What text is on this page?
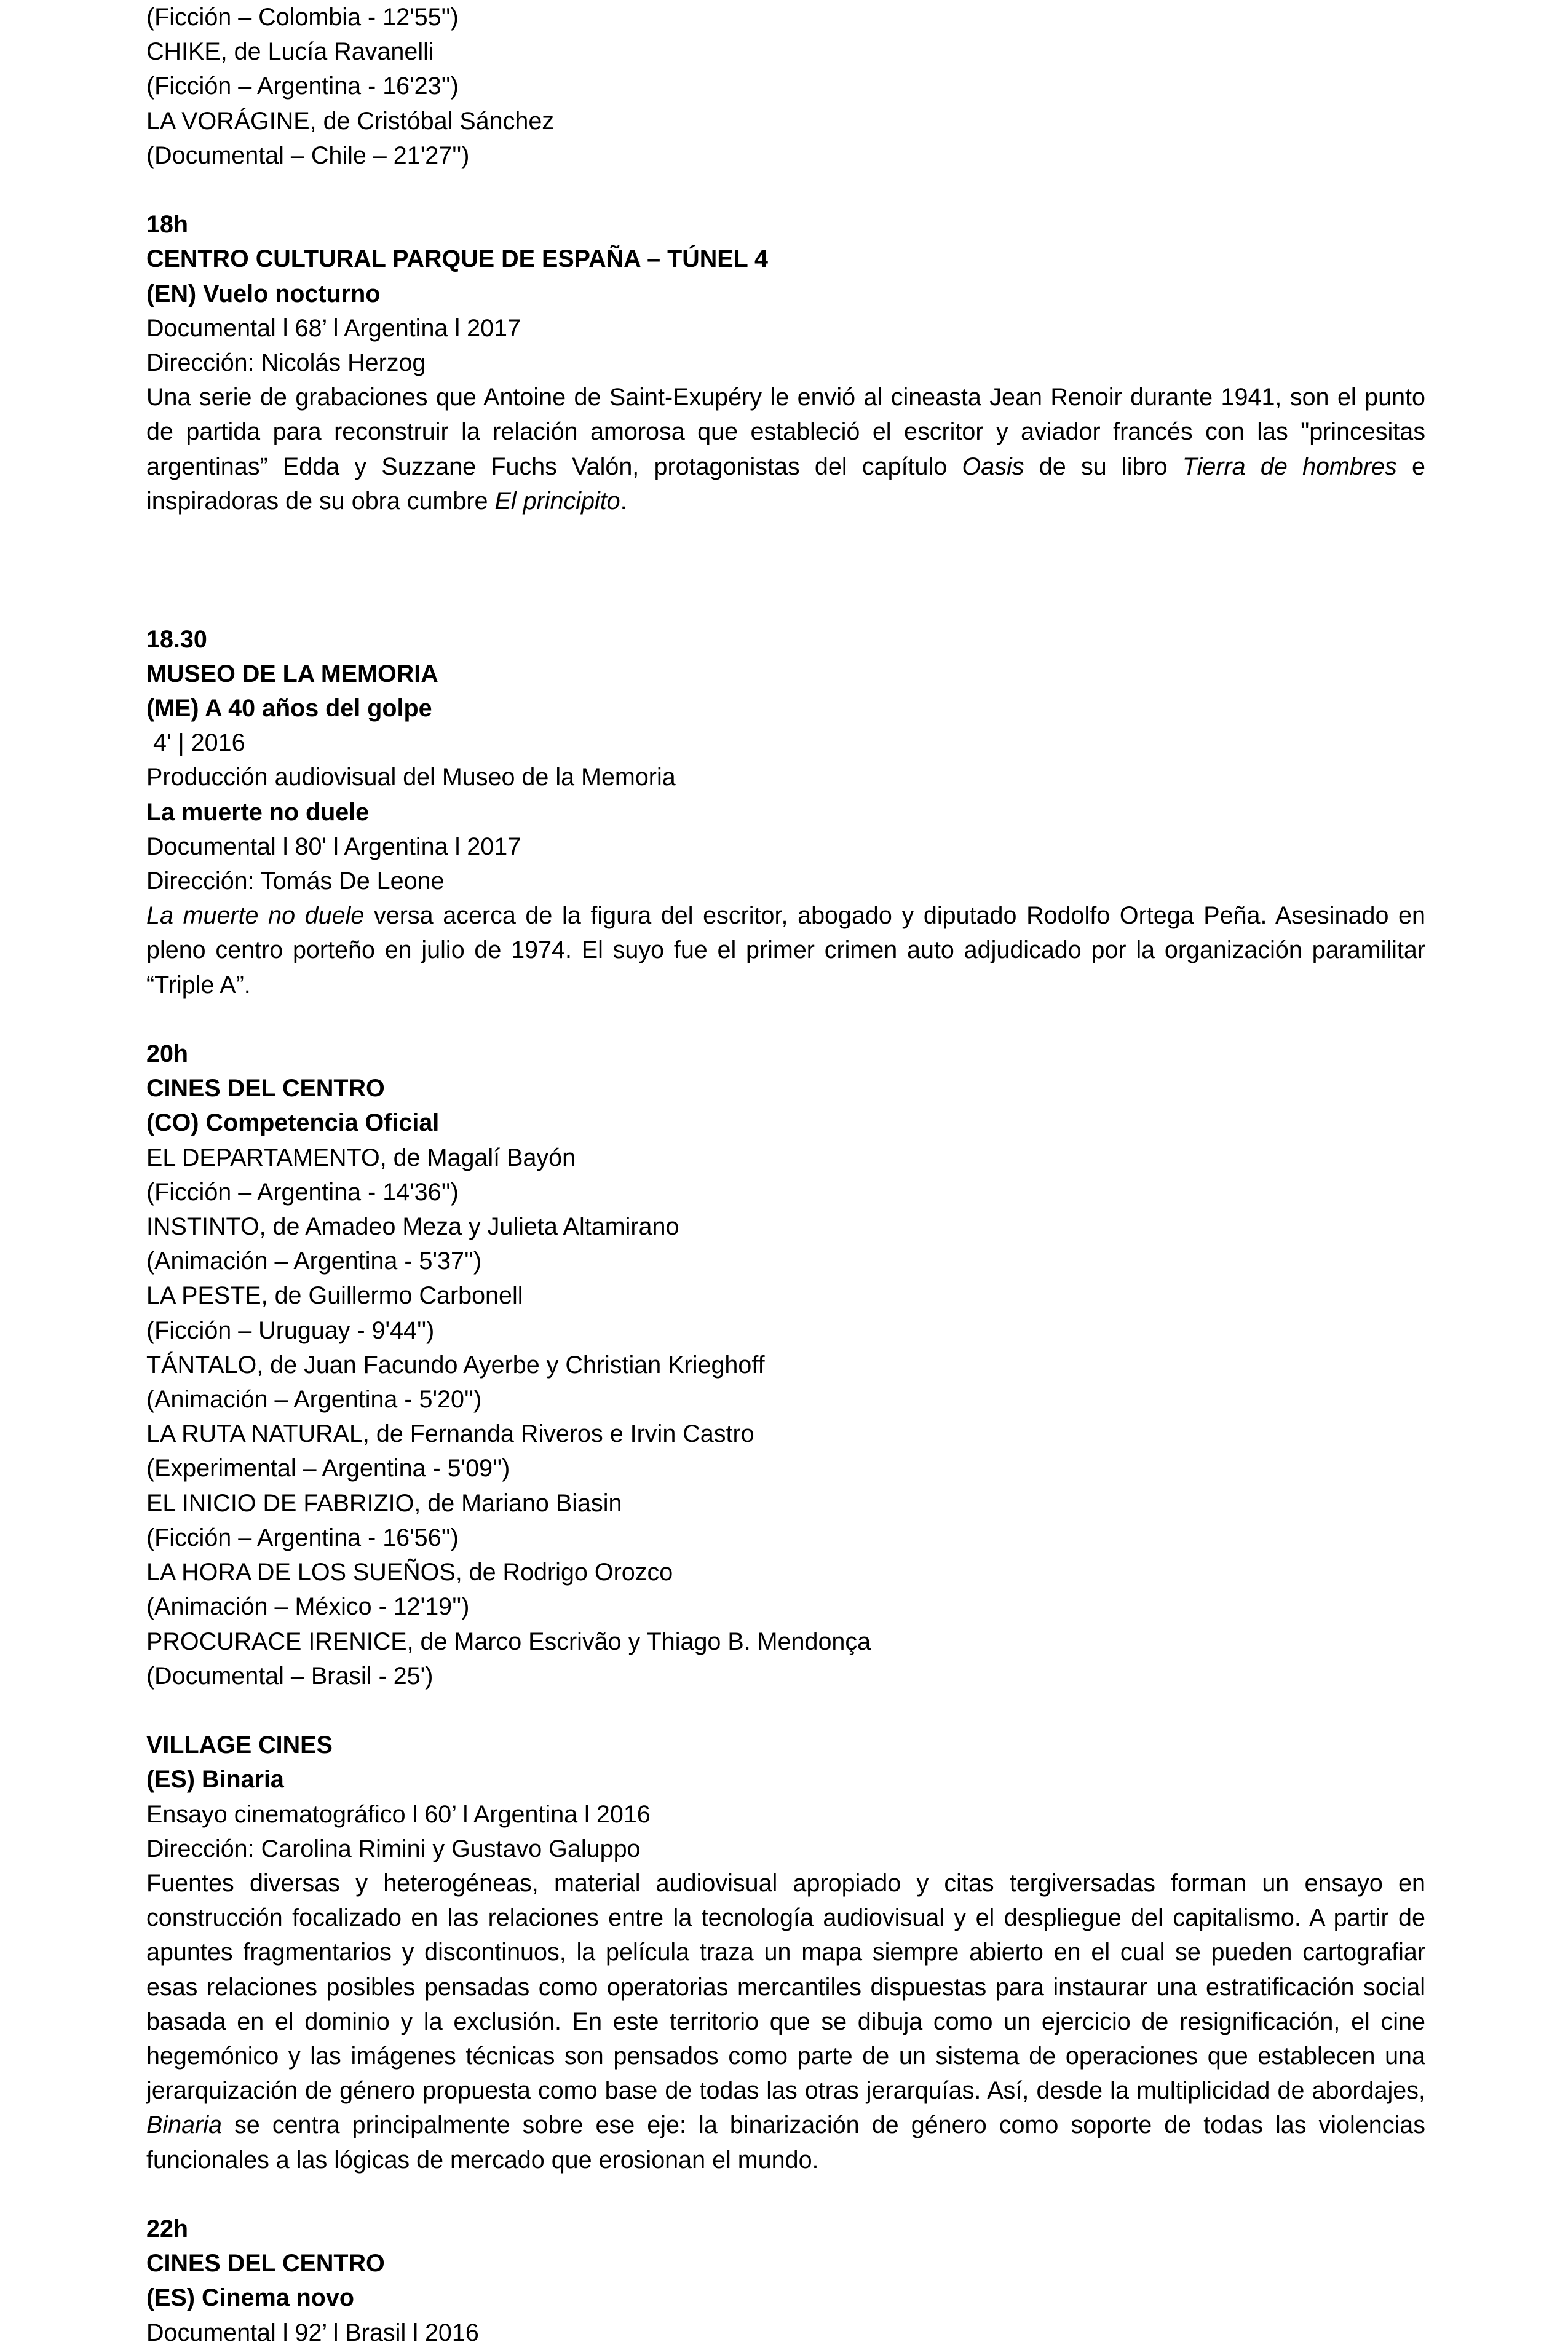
(Ficción – Colombia - 12'55'')
CHIKE, de Lucía Ravanelli
(Ficción – Argentina - 16'23'')
LA VORÁGINE, de Cristóbal Sánchez
(Documental – Chile – 21'27'')
18h
CENTRO CULTURAL PARQUE DE ESPAÑA – TÚNEL 4
(EN) Vuelo nocturno
Documental l 68’ l Argentina l 2017
Dirección: Nicolás Herzog
Una serie de grabaciones que Antoine de Saint-Exupéry le envió al cineasta Jean Renoir durante 1941, son el punto de partida para reconstruir la relación amorosa que estableció el escritor y aviador francés con las "princesitas argentinas” Edda y Suzzane Fuchs Valón, protagonistas del capítulo Oasis de su libro Tierra de hombres e inspiradoras de su obra cumbre El principito.
18.30
MUSEO DE LA MEMORIA
(ME) A 40 años del golpe
4' | 2016
Producción audiovisual del Museo de la Memoria
La muerte no duele
Documental l 80' l Argentina l 2017
Dirección: Tomás De Leone
La muerte no duele versa acerca de la figura del escritor, abogado y diputado Rodolfo Ortega Peña. Asesinado en pleno centro porteño en julio de 1974. El suyo fue el primer crimen auto adjudicado por la organización paramilitar “Triple A”.
20h
CINES DEL CENTRO
(CO) Competencia Oficial
EL DEPARTAMENTO, de Magalí Bayón
(Ficción – Argentina - 14'36'')
INSTINTO, de Amadeo Meza y Julieta Altamirano
(Animación – Argentina - 5'37'')
LA PESTE, de Guillermo Carbonell
(Ficción – Uruguay - 9'44'')
TÁNTALO, de Juan Facundo Ayerbe y Christian Krieghoff
(Animación – Argentina - 5'20'')
LA RUTA NATURAL, de Fernanda Riveros e Irvin Castro
(Experimental – Argentina - 5'09'')
EL INICIO DE FABRIZIO, de Mariano Biasin
(Ficción – Argentina - 16'56'')
LA HORA DE LOS SUEÑOS, de Rodrigo Orozco
(Animación – México - 12'19'')
PROCURACE IRENICE, de Marco Escrivão y Thiago B. Mendonça
(Documental – Brasil - 25')
VILLAGE CINES
(ES) Binaria
Ensayo cinematográfico l 60’ l Argentina l 2016
Dirección: Carolina Rimini y Gustavo Galuppo
Fuentes diversas y heterogéneas, material audiovisual apropiado y citas tergiversadas forman un ensayo en construcción focalizado en las relaciones entre la tecnología audiovisual y el despliegue del capitalismo. A partir de apuntes fragmentarios y discontinuos, la película traza un mapa siempre abierto en el cual se pueden cartografiar esas relaciones posibles pensadas como operatorias mercantiles dispuestas para instaurar una estratificación social basada en el dominio y la exclusión. En este territorio que se dibuja como un ejercicio de resignificación, el cine hegemónico y las imágenes técnicas son pensados como parte de un sistema de operaciones que establecen una jerarquización de género propuesta como base de todas las otras jerarquías. Así, desde la multiplicidad de abordajes, Binaria se centra principalmente sobre ese eje: la binarización de género como soporte de todas las violencias funcionales a las lógicas de mercado que erosionan el mundo.
22h
CINES DEL CENTRO
(ES) Cinema novo
Documental l 92’ l Brasil l 2016
